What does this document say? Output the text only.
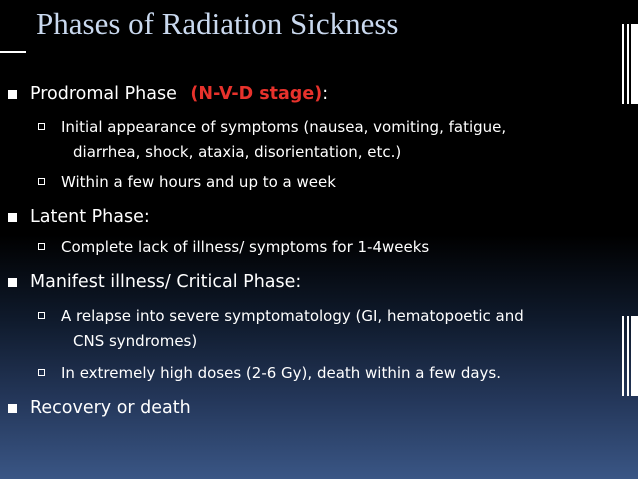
Phases of Radiation Sickness
Prodromal Phase (N-V-D stage):
Initial appearance of symptoms (nausea, vomiting, fatigue,
diarrhea, shock, ataxia, disorientation, etc.)
Within a few hours and up to a week
Latent Phase:
Complete lack of illness/ symptoms for 1-4weeks
Manifest illness/ Critical Phase:
A relapse into severe symptomatology (GI, hematopoetic and
CNS syndromes)
In extremely high doses (2-6 Gy), death within a few days.
Recovery or death
